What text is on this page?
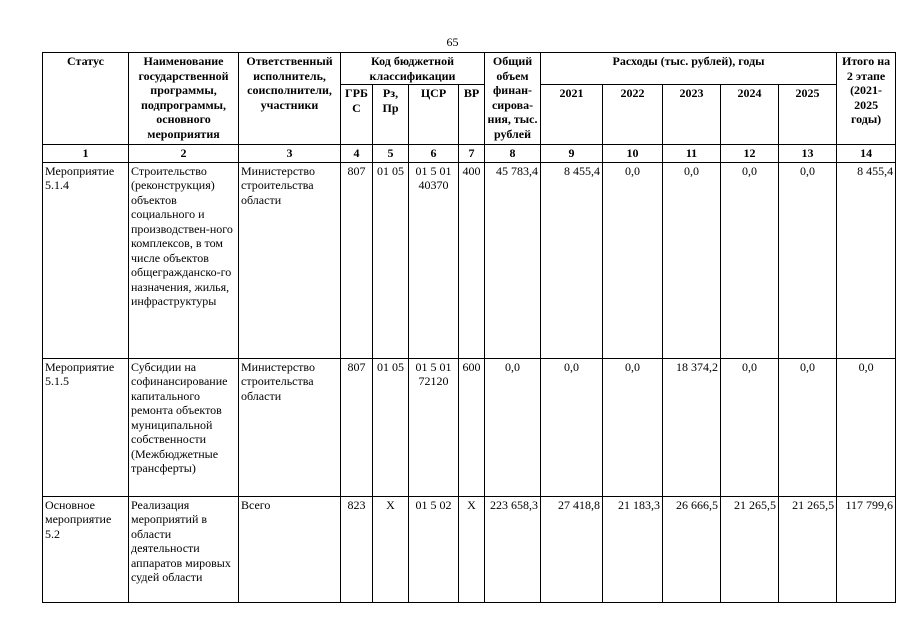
65
Статус	Наименование государственной программы, подпрограммы, основного мероприятия	Ответственный исполнитель, соисполнители, участники	Код бюджетной классификации				Общий объем финан-сирова-ния, тыс. рублей	Расходы (тыс. рублей), годы					Итого на 2 этапе (2021-2025 годы)
			ГРБ С	Рз, Пр	ЦСР	ВР		2021	2022	2023	2024	2025	
1	2	3	4	5	6	7	8	9	10	11	12	13	14
Мероприятие 5.1.4	Строительство (реконструкция) объектов социального и производствен-ного комплексов, в том числе объектов общегражданско-го назначения, жилья, инфраструктуры	Министерство строительства области	807	01 05	01 5 01 40370	400	45 783,4	8 455,4	0,0	0,0	0,0	0,0	8 455,4
Мероприятие 5.1.5	Субсидии на софинансирование капитального ремонта объектов муниципальной собственности (Межбюджетные трансферты)	Министерство строительства области	807	01 05	01 5 01 72120	600	0,0	0,0	0,0	18 374,2	0,0	0,0	0,0
Основное мероприятие 5.2	Реализация мероприятий в области деятельности аппаратов мировых судей области	Всего	823	Х	01 5 02	Х	223 658,3	27 418,8	21 183,3	26 666,5	21 265,5	21 265,5	117 799,6
